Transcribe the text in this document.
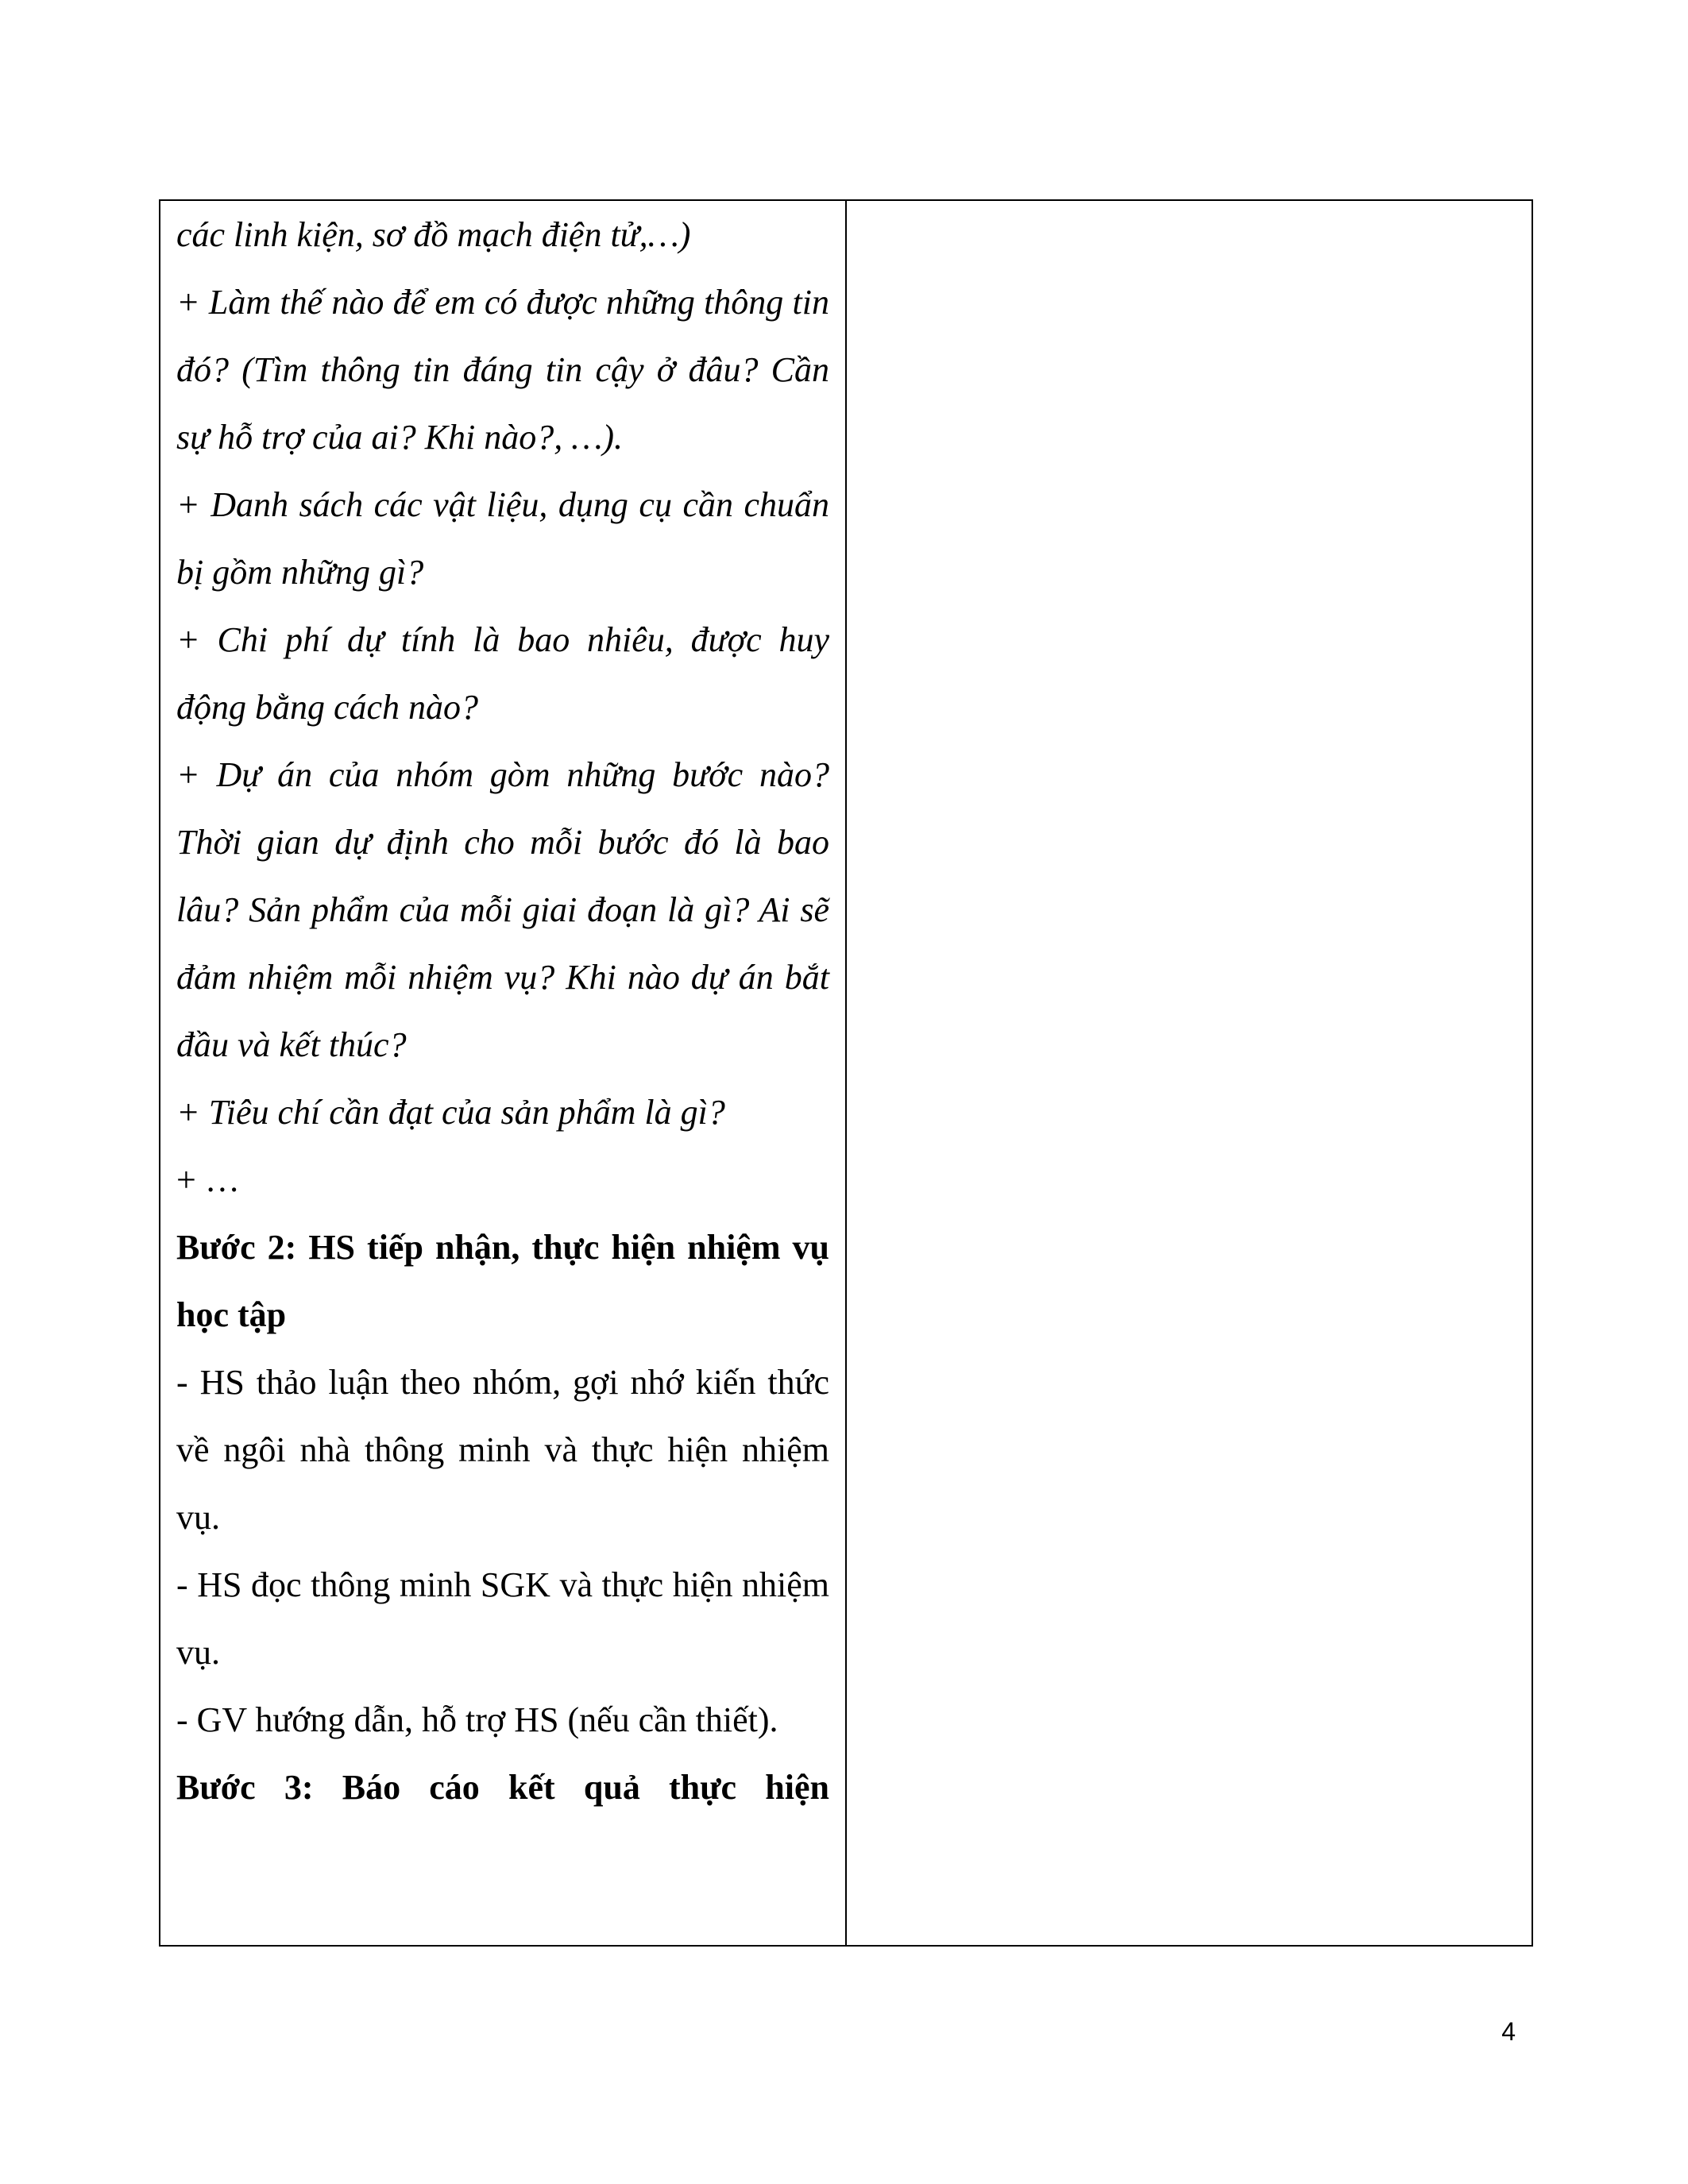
các linh kiện, sơ đồ mạch điện tử,…)

+ Làm thế nào để em có được những thông tin đó? (Tìm thông tin đáng tin cậy ở đâu? Cần sự hỗ trợ của ai? Khi nào?, …).

+ Danh sách các vật liệu, dụng cụ cần chuẩn bị gồm những gì?

+ Chi phí dự tính là bao nhiêu, được huy động bằng cách nào?

+ Dự án của nhóm gòm những bước nào? Thời gian dự định cho mỗi bước đó là bao lâu? Sản phẩm của mỗi giai đoạn là gì? Ai sẽ đảm nhiệm mỗi nhiệm vụ? Khi nào dự án bắt đầu và kết thúc?

+ Tiêu chí cần đạt của sản phẩm là gì?

+ …

Bước 2: HS tiếp nhận, thực hiện nhiệm vụ học tập

- HS thảo luận theo nhóm, gợi nhớ kiến thức về ngôi nhà thông minh và thực hiện nhiệm vụ.

- HS đọc thông minh SGK và thực hiện nhiệm vụ.

- GV hướng dẫn, hỗ trợ HS (nếu cần thiết).

Bước 3: Báo cáo kết quả thực hiện

4
